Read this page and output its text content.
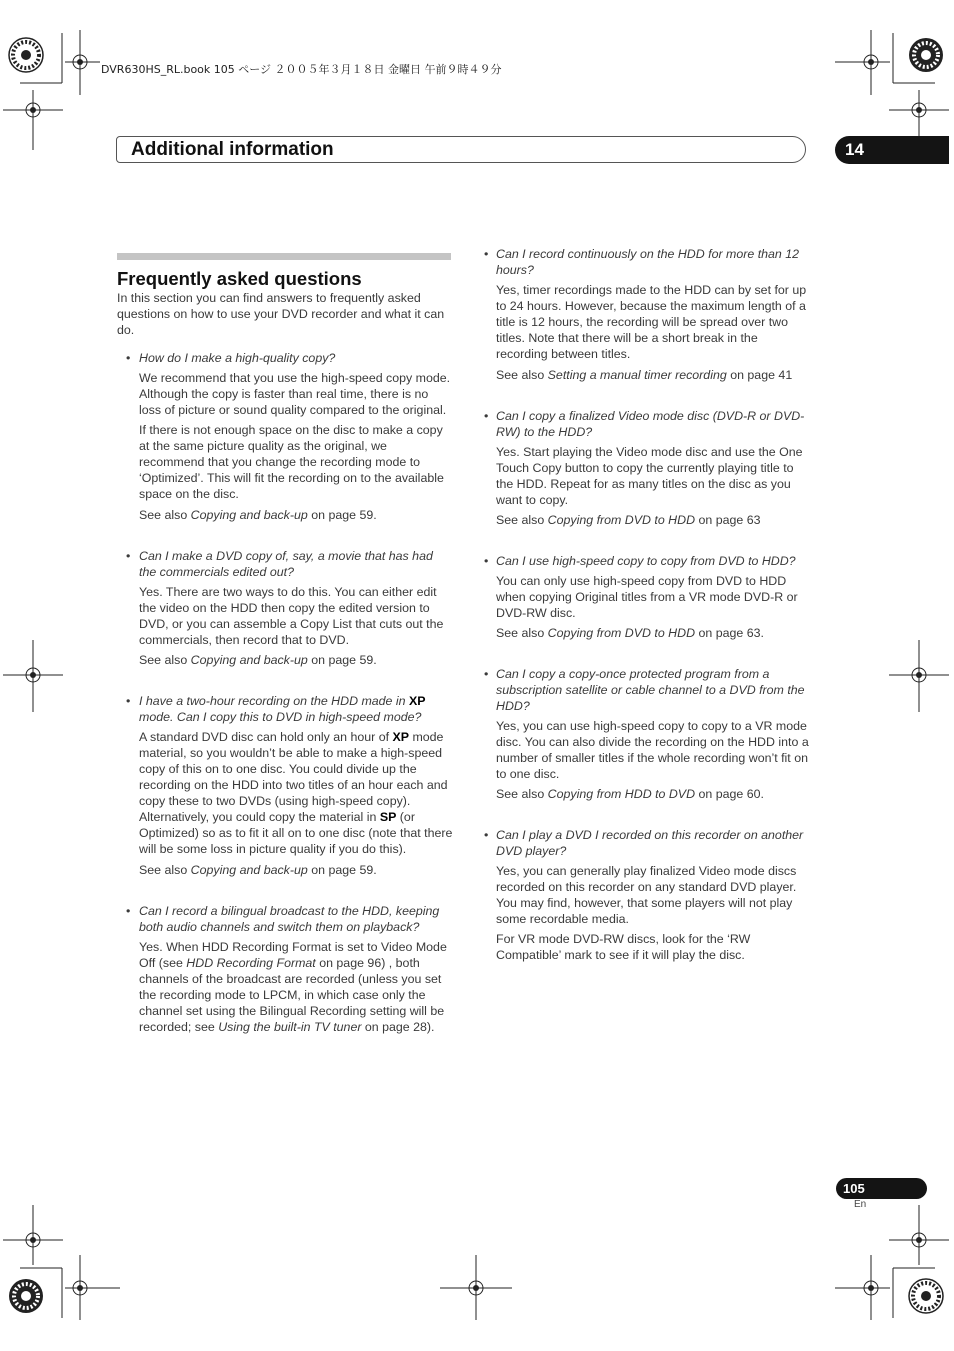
DVR630HS_RL.book 105 ページ ２００５年３月１８日 金曜日 午前９時４９分
Additional information	14
Frequently asked questions

In this section you can find answers to frequently asked questions on how to use your DVD recorder and what it can do.

• How do I make a high-quality copy?

We recommend that you use the high-speed copy mode. Although the copy is faster than real time, there is no loss of picture or sound quality compared to the original.

If there is not enough space on the disc to make a copy at the same picture quality as the original, we recommend that you change the recording mode to ‘Optimized’. This will fit the recording on to the available space on the disc.

See also Copying and back-up on page 59.

• Can I make a DVD copy of, say, a movie that has had the commercials edited out?

Yes. There are two ways to do this. You can either edit the video on the HDD then copy the edited version to DVD, or you can assemble a Copy List that cuts out the commercials, then record that to DVD.

See also Copying and back-up on page 59.

• I have a two-hour recording on the HDD made in XP mode. Can I copy this to DVD in high-speed mode?

A standard DVD disc can hold only an hour of XP mode material, so you wouldn’t be able to make a high-speed copy of this on to one disc. You could divide up the recording on the HDD into two titles of an hour each and copy these to two DVDs (using high-speed copy). Alternatively, you could copy the material in SP (or Optimized) so as to fit it all on to one disc (note that there will be some loss in picture quality if you do this).

See also Copying and back-up on page 59.

• Can I record a bilingual broadcast to the HDD, keeping both audio channels and switch them on playback?

Yes. When HDD Recording Format is set to Video Mode Off (see HDD Recording Format on page 96) , both channels of the broadcast are recorded (unless you set the recording mode to LPCM, in which case only the channel set using the Bilingual Recording setting will be recorded; see Using the built-in TV tuner on page 28).

• Can I record continuously on the HDD for more than 12 hours?

Yes, timer recordings made to the HDD can by set for up to 24 hours. However, because the maximum length of a title is 12 hours, the recording will be spread over two titles. Note that there will be a short break in the recording between titles.

See also Setting a manual timer recording on page 41

• Can I copy a finalized Video mode disc (DVD-R or DVD-RW) to the HDD?

Yes. Start playing the Video mode disc and use the One Touch Copy button to copy the currently playing title to the HDD. Repeat for as many titles on the disc as you want to copy.

See also Copying from DVD to HDD on page 63

• Can I use high-speed copy to copy from DVD to HDD?

You can only use high-speed copy from DVD to HDD when copying Original titles from a VR mode DVD-R or DVD-RW disc.

See also Copying from DVD to HDD on page 63.

• Can I copy a copy-once protected program from a subscription satellite or cable channel to a DVD from the HDD?

Yes, you can use high-speed copy to copy to a VR mode disc. You can also divide the recording on the HDD into a number of smaller titles if the whole recording won’t fit on to one disc.

See also Copying from HDD to DVD on page 60.

• Can I play a DVD I recorded on this recorder on another DVD player?

Yes, you can generally play finalized Video mode discs recorded on this recorder on any standard DVD player. You may find, however, that some players will not play some recordable media.

For VR mode DVD-RW discs, look for the ‘RW Compatible’ mark to see if it will play the disc.

105
En
